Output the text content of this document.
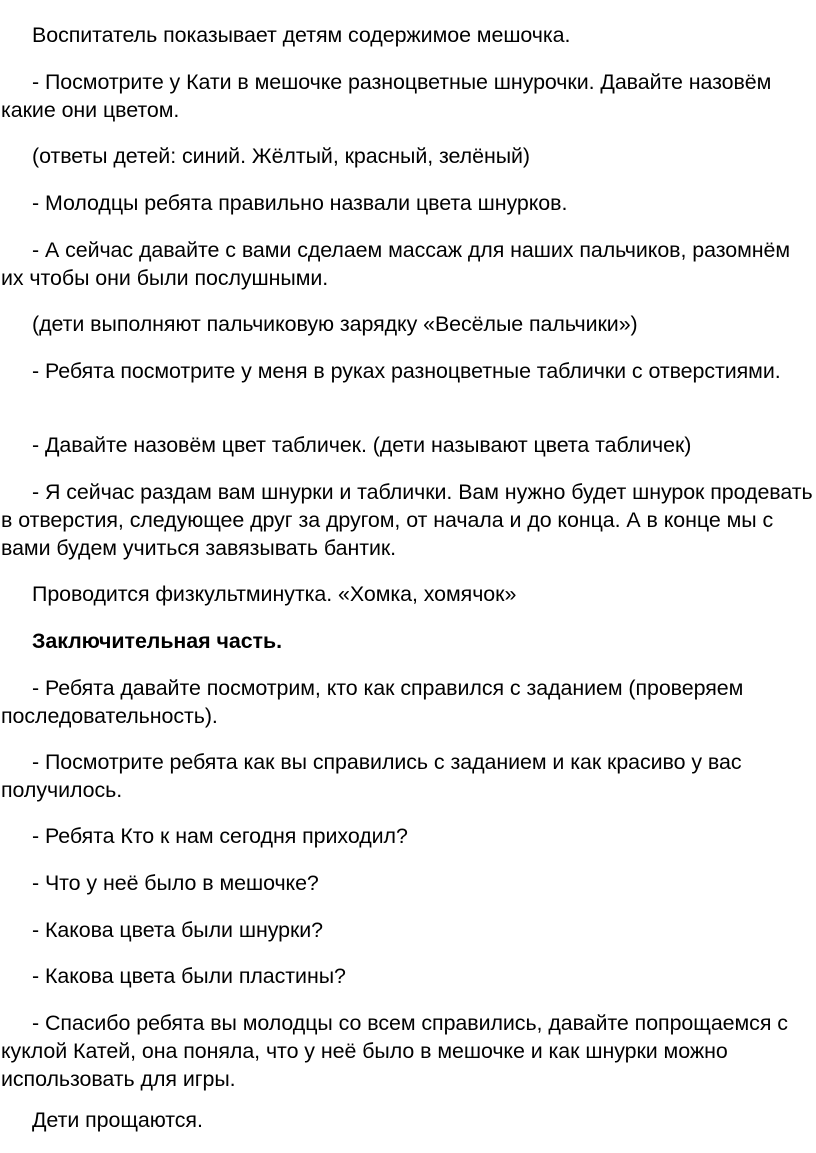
Воспитатель показывает детям содержимое мешочка.

- Посмотрите у Кати в мешочке разноцветные шнурочки. Давайте назовём какие они цветом.

(ответы детей: синий. Жёлтый, красный, зелёный)

- Молодцы ребята правильно назвали цвета шнурков.

- А сейчас давайте с вами сделаем массаж для наших пальчиков, разомнём их чтобы они были послушными.

(дети выполняют пальчиковую зарядку «Весёлые пальчики»)

- Ребята посмотрите у меня в руках разноцветные таблички с отверстиями.

- Давайте назовём цвет табличек. (дети называют цвета табличек)

- Я сейчас раздам вам шнурки и таблички. Вам нужно будет шнурок продевать в отверстия, следующее друг за другом, от начала и до конца. А в конце мы с вами будем учиться завязывать бантик.

Проводится физкультминутка. «Хомка, хомячок»

Заключительная часть.

- Ребята давайте посмотрим, кто как справился с заданием (проверяем последовательность).

- Посмотрите ребята как вы справились с заданием и как красиво у вас получилось.

- Ребята Кто к нам сегодня приходил?

- Что у неё было в мешочке?

- Какова цвета были шнурки?

- Какова цвета были пластины?

- Спасибо ребята вы молодцы со всем справились, давайте попрощаемся с куклой Катей, она поняла, что у неё было в мешочке и как шнурки можно использовать для игры.

Дети прощаются.
